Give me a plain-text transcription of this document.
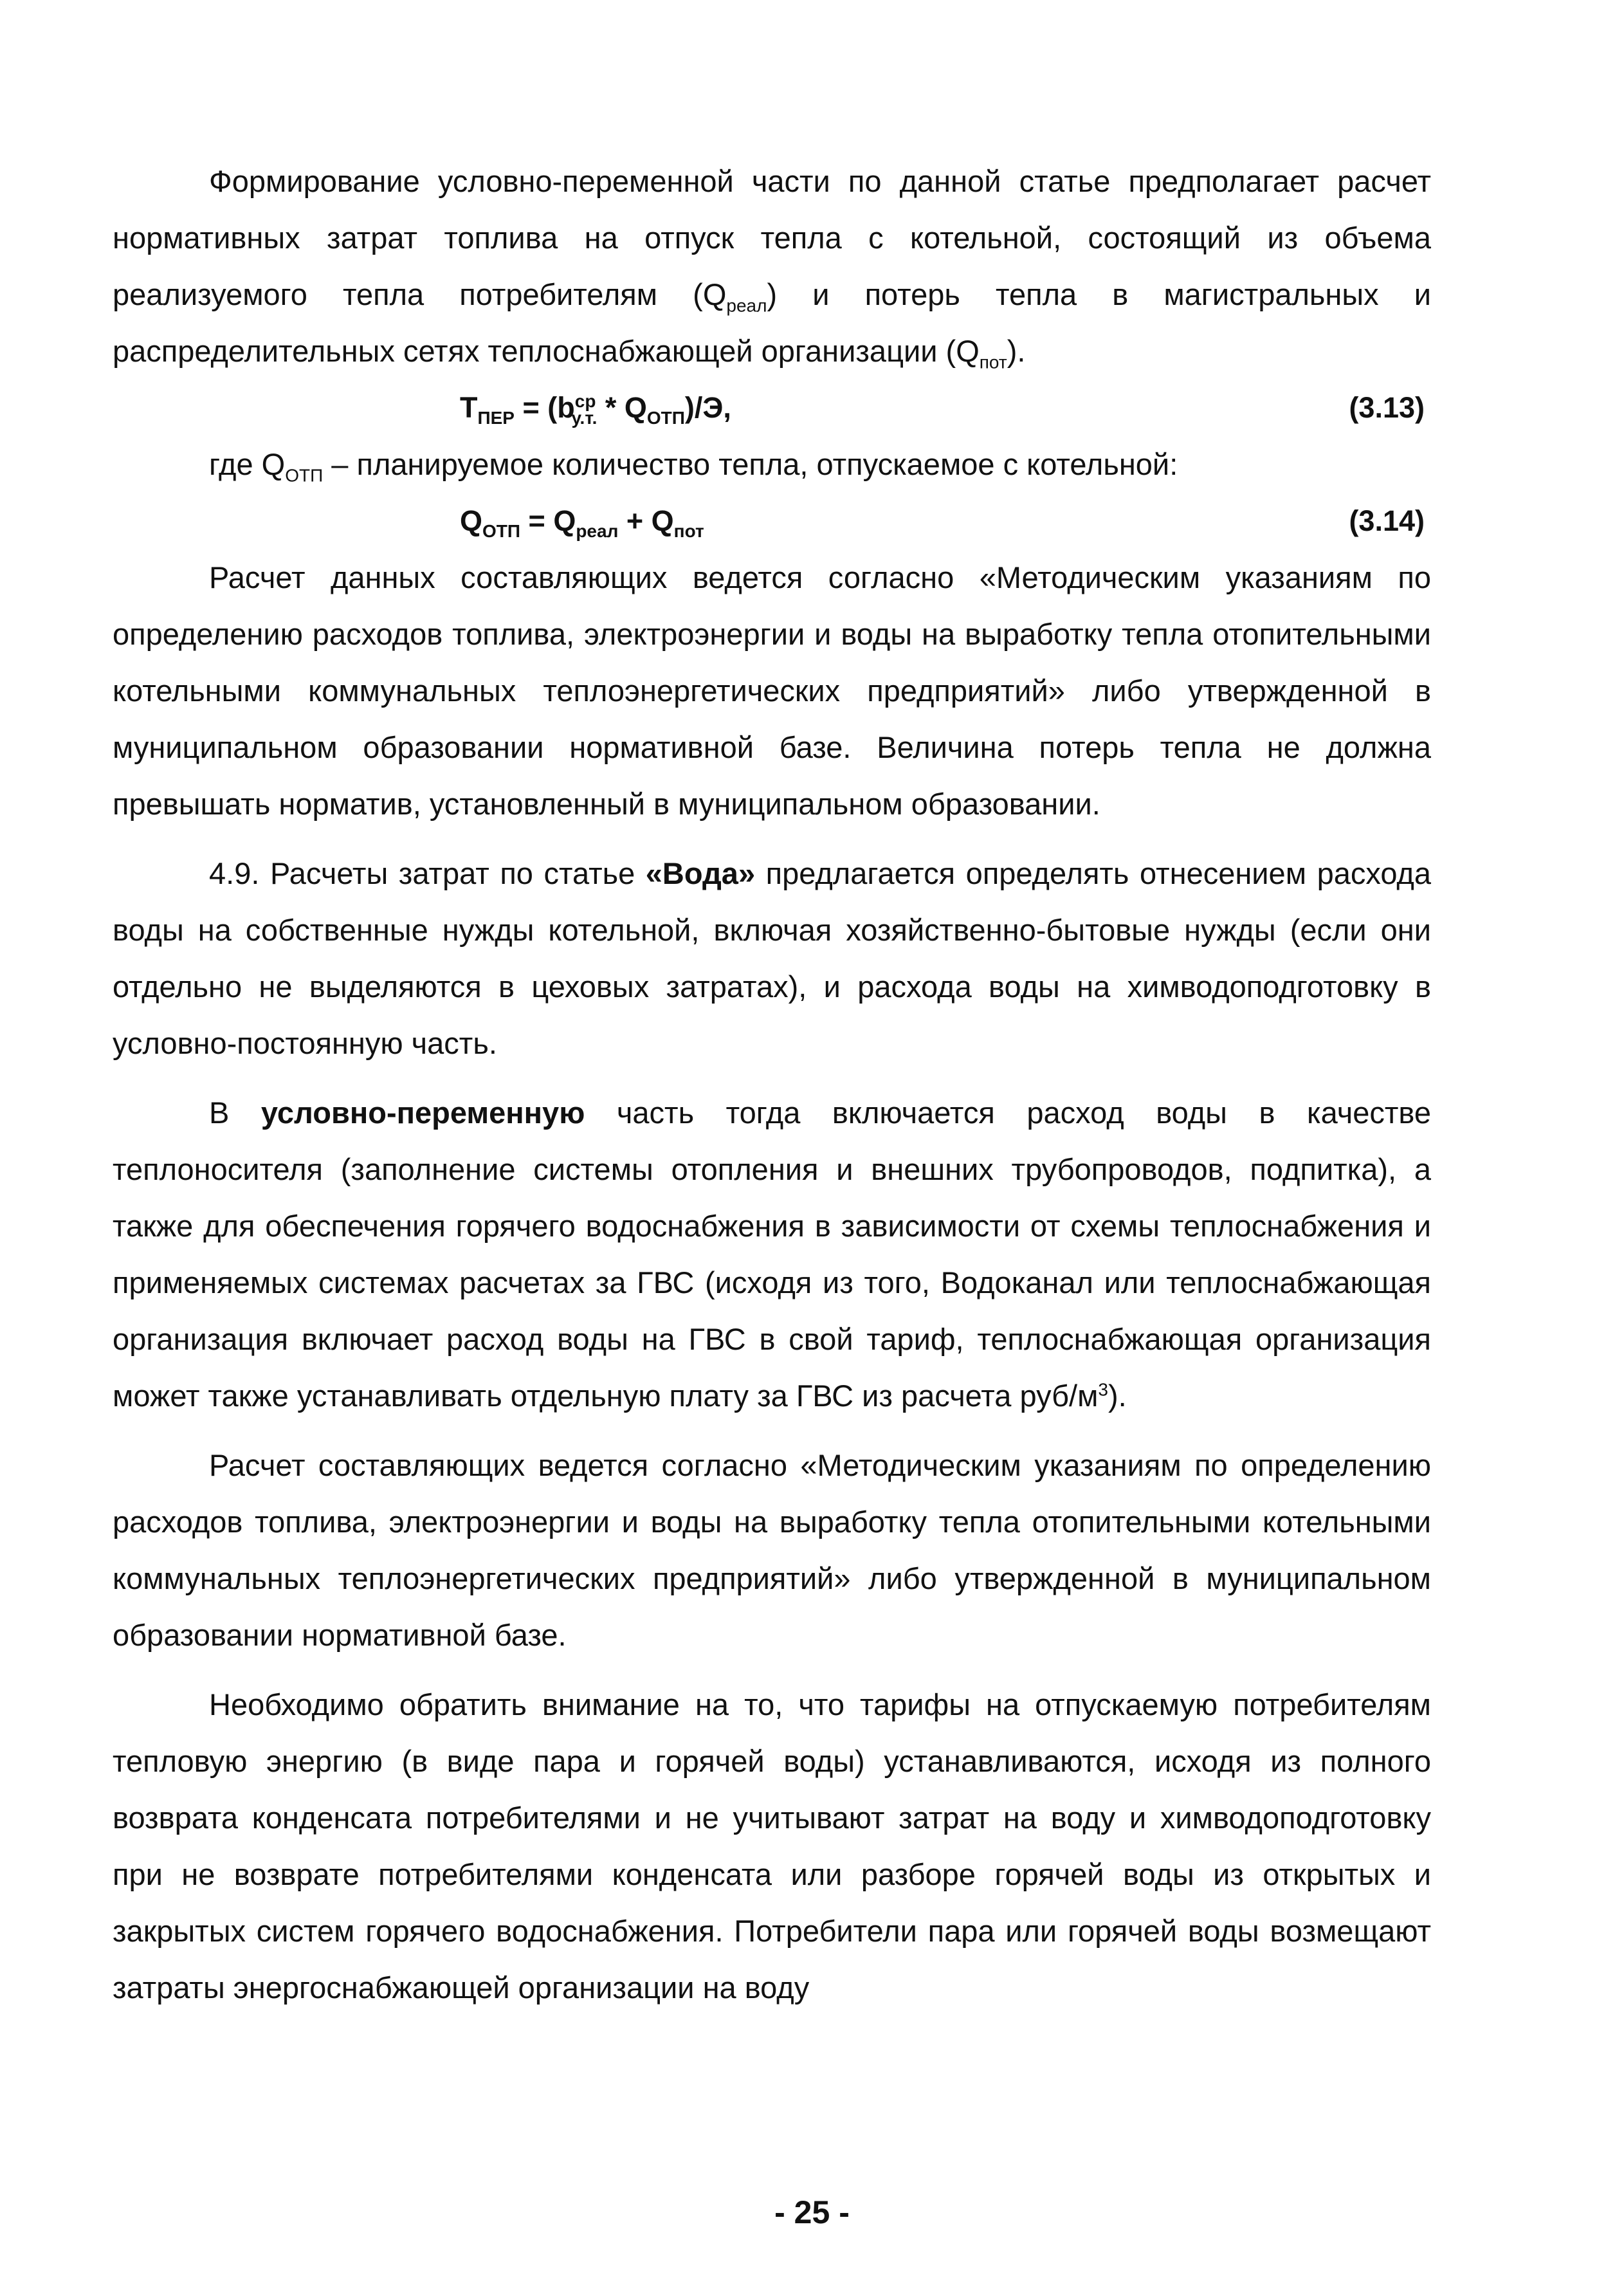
Формирование условно-переменной части по данной статье предполагает расчет нормативных затрат топлива на отпуск тепла с котельной, состоящий из объема реализуемого тепла потребителям $(Q_{реал})$ и потерь тепла в магистральных и распределительных сетях теплоснабжающей организации $(Q_{пот})$.

$Т_{ПЕР} = (b^{ср}_{у.т.} * Q_{ОТП})/Э$,	(3.13)

где $Q_{ОТП}$ – планируемое количество тепла, отпускаемое с котельной:

$Q_{ОТП} = Q_{реал} + Q_{пот}$	(3.14)

Расчет данных составляющих ведется согласно «Методическим указаниям по определению расходов топлива, электроэнергии и воды на выработку тепла отопительными котельными коммунальных теплоэнергетических предприятий» либо утвержденной в муниципальном образовании нормативной базе. Величина потерь тепла не должна превышать норматив, установленный в муниципальном образовании.

4.9. Расчеты затрат по статье «Вода» предлагается определять отнесением расхода воды на собственные нужды котельной, включая хозяйственно-бытовые нужды (если они отдельно не выделяются в цеховых затратах), и расхода воды на химводоподготовку в условно-постоянную часть.

В условно-переменную часть тогда включается расход воды в качестве теплоносителя (заполнение системы отопления и внешних трубопроводов, подпитка), а также для обеспечения горячего водоснабжения в зависимости от схемы теплоснабжения и применяемых системах расчетах за ГВС (исходя из того, Водоканал или теплоснабжающая организация включает расход воды на ГВС в свой тариф, теплоснабжающая организация может также устанавливать отдельную плату за ГВС из расчета руб/$м^3$).

Расчет составляющих ведется согласно «Методическим указаниям по определению расходов топлива, электроэнергии и воды на выработку тепла отопительными котельными коммунальных теплоэнергетических предприятий» либо утвержденной в муниципальном образовании нормативной базе.

Необходимо обратить внимание на то, что тарифы на отпускаемую потребителям тепловую энергию (в виде пара и горячей воды) устанавливаются, исходя из полного возврата конденсата потребителями и не учитывают затрат на воду и химводоподготовку при не возврате потребителями конденсата или разборе горячей воды из открытых и закрытых систем горячего водоснабжения. Потребители пара или горячей воды возмещают затраты энергоснабжающей организации на воду

- 25 -
